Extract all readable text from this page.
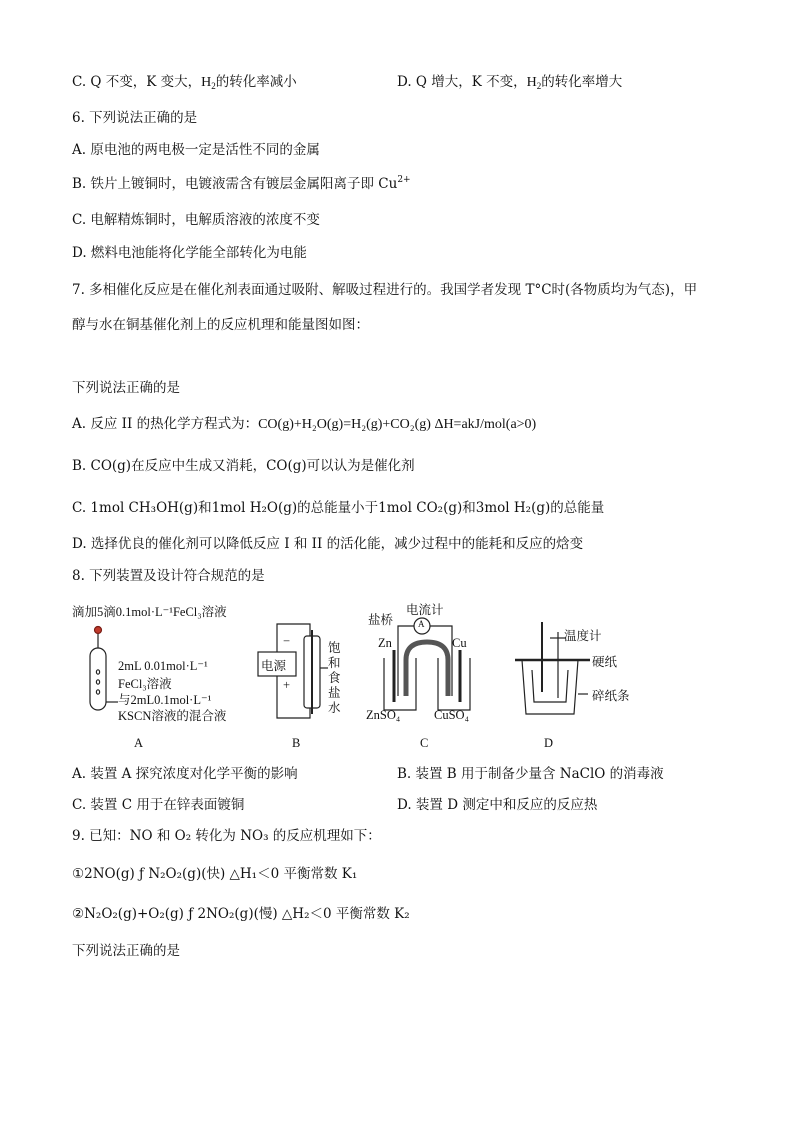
C. Q 不变，K 变大，$H_2$的转化率减小	D. Q 增大，K 不变，$H_2$的转化率增大
6. 下列说法正确的是
A. 原电池的两电极一定是活性不同的金属
B. 铁片上镀铜时，电镀液需含有镀层金属阳离子即 $Cu^{2+}$
C. 电解精炼铜时，电解质溶液的浓度不变
D. 燃料电池能将化学能全部转化为电能
7. 多相催化反应是在催化剂表面通过吸附、解吸过程进行的。我国学者发现 T°C时(各物质均为气态)，甲
醇与水在铜基催化剂上的反应机理和能量图如图：
下列说法正确的是
A. 反应 II 的热化学方程式为：CO(g)+H₂O(g)=H₂(g)+CO₂(g) ΔH=akJ/mol(a>0)
B. CO(g)在反应中生成又消耗，CO(g)可以认为是催化剂
C. 1mol CH₃OH(g)和1mol H₂O(g)的总能量小于1mol CO₂(g)和3mol H₂(g)的总能量
D. 选择优良的催化剂可以降低反应 I 和 II 的活化能，减少过程中的能耗和反应的焓变
8. 下列装置及设计符合规范的是
滴加5滴0.1mol·L⁻¹FeCl₃溶液
2mL 0.01mol·L⁻¹
FeCl₃溶液
与2mL0.1mol·L⁻¹
KSCN溶液的混合液
电源
−
+
饱
和
食
盐
水
盐桥
电流计
A
Zn	Cu
ZnSO₄	CuSO₄
温度计
硬纸
碎纸条
A	B	C	D
A. 装置 A 探究浓度对化学平衡的影响	B. 装置 B 用于制备少量含 NaClO 的消毒液
C. 装置 C 用于在锌表面镀铜	D. 装置 D 测定中和反应的反应热
9. 已知：NO 和 O₂ 转化为 NO₃ 的反应机理如下：
①2NO(g) ƒ N₂O₂(g)(快) △H₁＜0 平衡常数 K₁
②N₂O₂(g)+O₂(g) ƒ 2NO₂(g)(慢) △H₂＜0 平衡常数 K₂
下列说法正确的是
